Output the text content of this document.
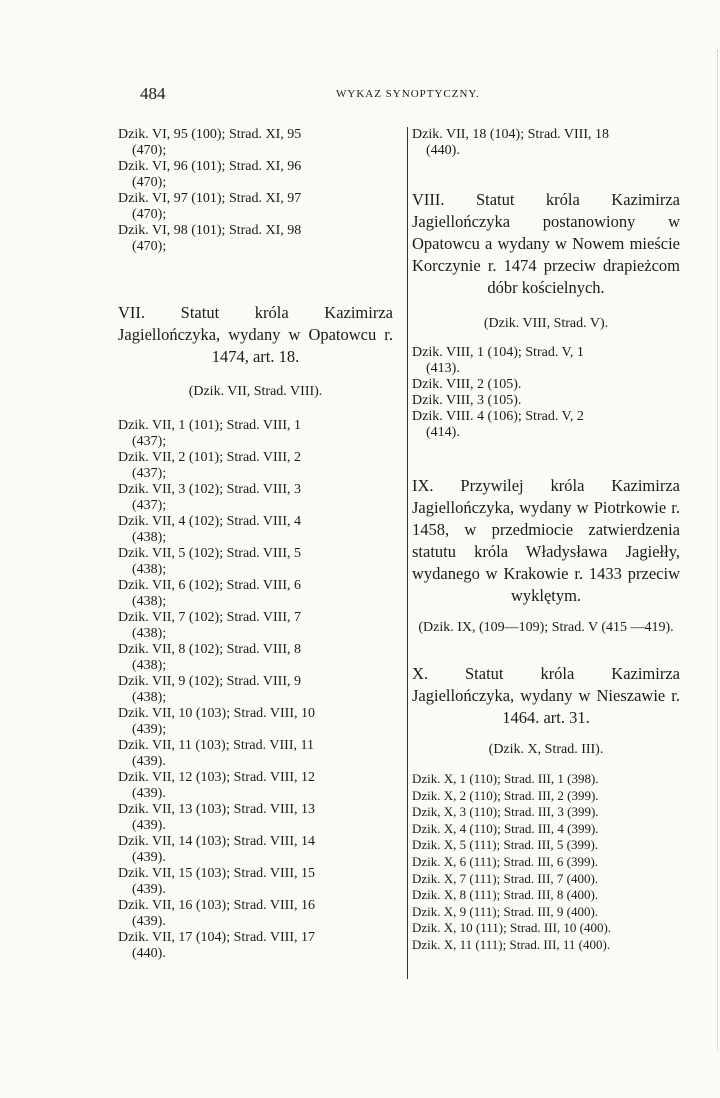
484	WYKAZ SYNOPTYCZNY.
Dzik. VI, 95 (100); Strad. XI, 95
(470);
Dzik. VI, 96 (101); Strad. XI, 96
(470);
Dzik. VI, 97 (101); Strad. XI, 97
(470);
Dzik. VI, 98 (101); Strad. XI, 98
(470);
VII. Statut króla Kazimirza Jagiellończyka, wydany w Opatowcu r. 1474, art. 18.
(Dzik. VII, Strad. VIII).
Dzik. VII, 1 (101); Strad. VIII, 1
(437);
Dzik. VII, 2 (101); Strad. VIII, 2
(437);
Dzik. VII, 3 (102); Strad. VIII, 3
(437);
Dzik. VII, 4 (102); Strad. VIII, 4
(438);
Dzik. VII, 5 (102); Strad. VIII, 5
(438);
Dzik. VII, 6 (102); Strad. VIII, 6
(438);
Dzik. VII, 7 (102); Strad. VIII, 7
(438);
Dzik. VII, 8 (102); Strad. VIII, 8
(438);
Dzik. VII, 9 (102); Strad. VIII, 9
(438);
Dzik. VII, 10 (103); Strad. VIII, 10
(439);
Dzik. VII, 11 (103); Strad. VIII, 11
(439).
Dzik. VII, 12 (103); Strad. VIII, 12
(439).
Dzik. VII, 13 (103); Strad. VIII, 13
(439).
Dzik. VII, 14 (103); Strad. VIII, 14
(439).
Dzik. VII, 15 (103); Strad. VIII, 15
(439).
Dzik. VII, 16 (103); Strad. VIII, 16
(439).
Dzik. VII, 17 (104); Strad. VIII, 17
(440).
Dzik. VII, 18 (104); Strad. VIII, 18
(440).
VIII. Statut króla Kazimirza Jagiellończyka postanowiony w Opatowcu a wydany w Nowem mieście Korczynie r. 1474 przeciw drapieżcom dóbr kościelnych.
(Dzik. VIII, Strad. V).
Dzik. VIII, 1 (104); Strad. V, 1
(413).
Dzik. VIII, 2 (105).
Dzik. VIII, 3 (105).
Dzik. VIII. 4 (106); Strad. V, 2
(414).
IX. Przywilej króla Kazimirza Jagiellończyka, wydany w Piotrkowie r. 1458, w przedmiocie zatwierdzenia statutu króla Władysława Jagiełły, wydanego w Krakowie r. 1433 przeciw wyklętym.
(Dzik. IX, (109—109); Strad. V (415 —419).
X. Statut króla Kazimirza Jagiellończyka, wydany w Nieszawie r. 1464. art. 31.
(Dzik. X, Strad. III).
Dzik. X, 1 (110); Strad. III, 1 (398).
Dzik. X, 2 (110); Strad. III, 2 (399).
Dzik, X, 3 (110); Strad. III, 3 (399).
Dzik. X, 4 (110); Strad. III, 4 (399).
Dzik. X, 5 (111); Strad. III, 5 (399).
Dzik. X, 6 (111); Strad. III, 6 (399).
Dzik. X, 7 (111); Strad. III, 7 (400).
Dzik. X, 8 (111); Strad. III, 8 (400).
Dzik. X, 9 (111); Strad. III, 9 (400).
Dzik. X, 10 (111); Strad. III, 10 (400).
Dzik. X, 11 (111); Strad. III, 11 (400).
